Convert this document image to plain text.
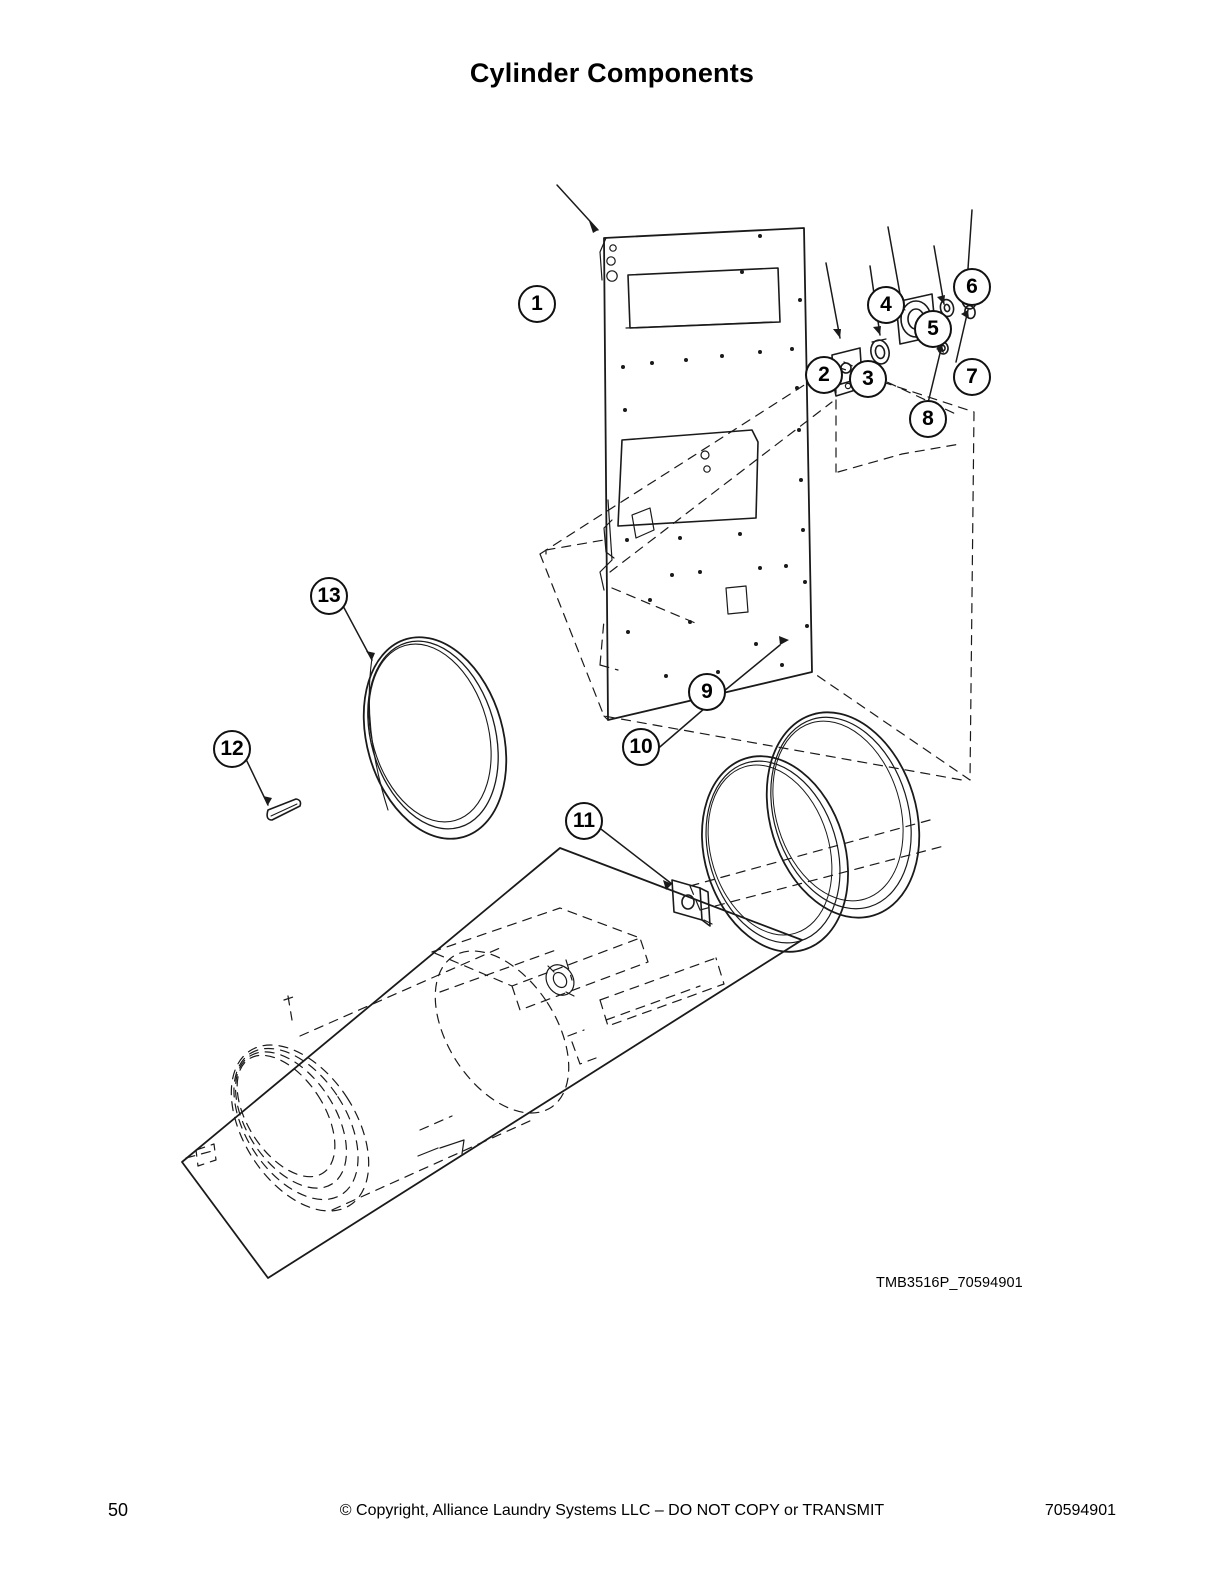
Cylinder Components
1
2	3
4
5
6
7
8
9
10
11
12
13
TMB3516P_70594901
50	© Copyright, Alliance Laundry Systems LLC – DO NOT COPY or TRANSMIT	70594901
